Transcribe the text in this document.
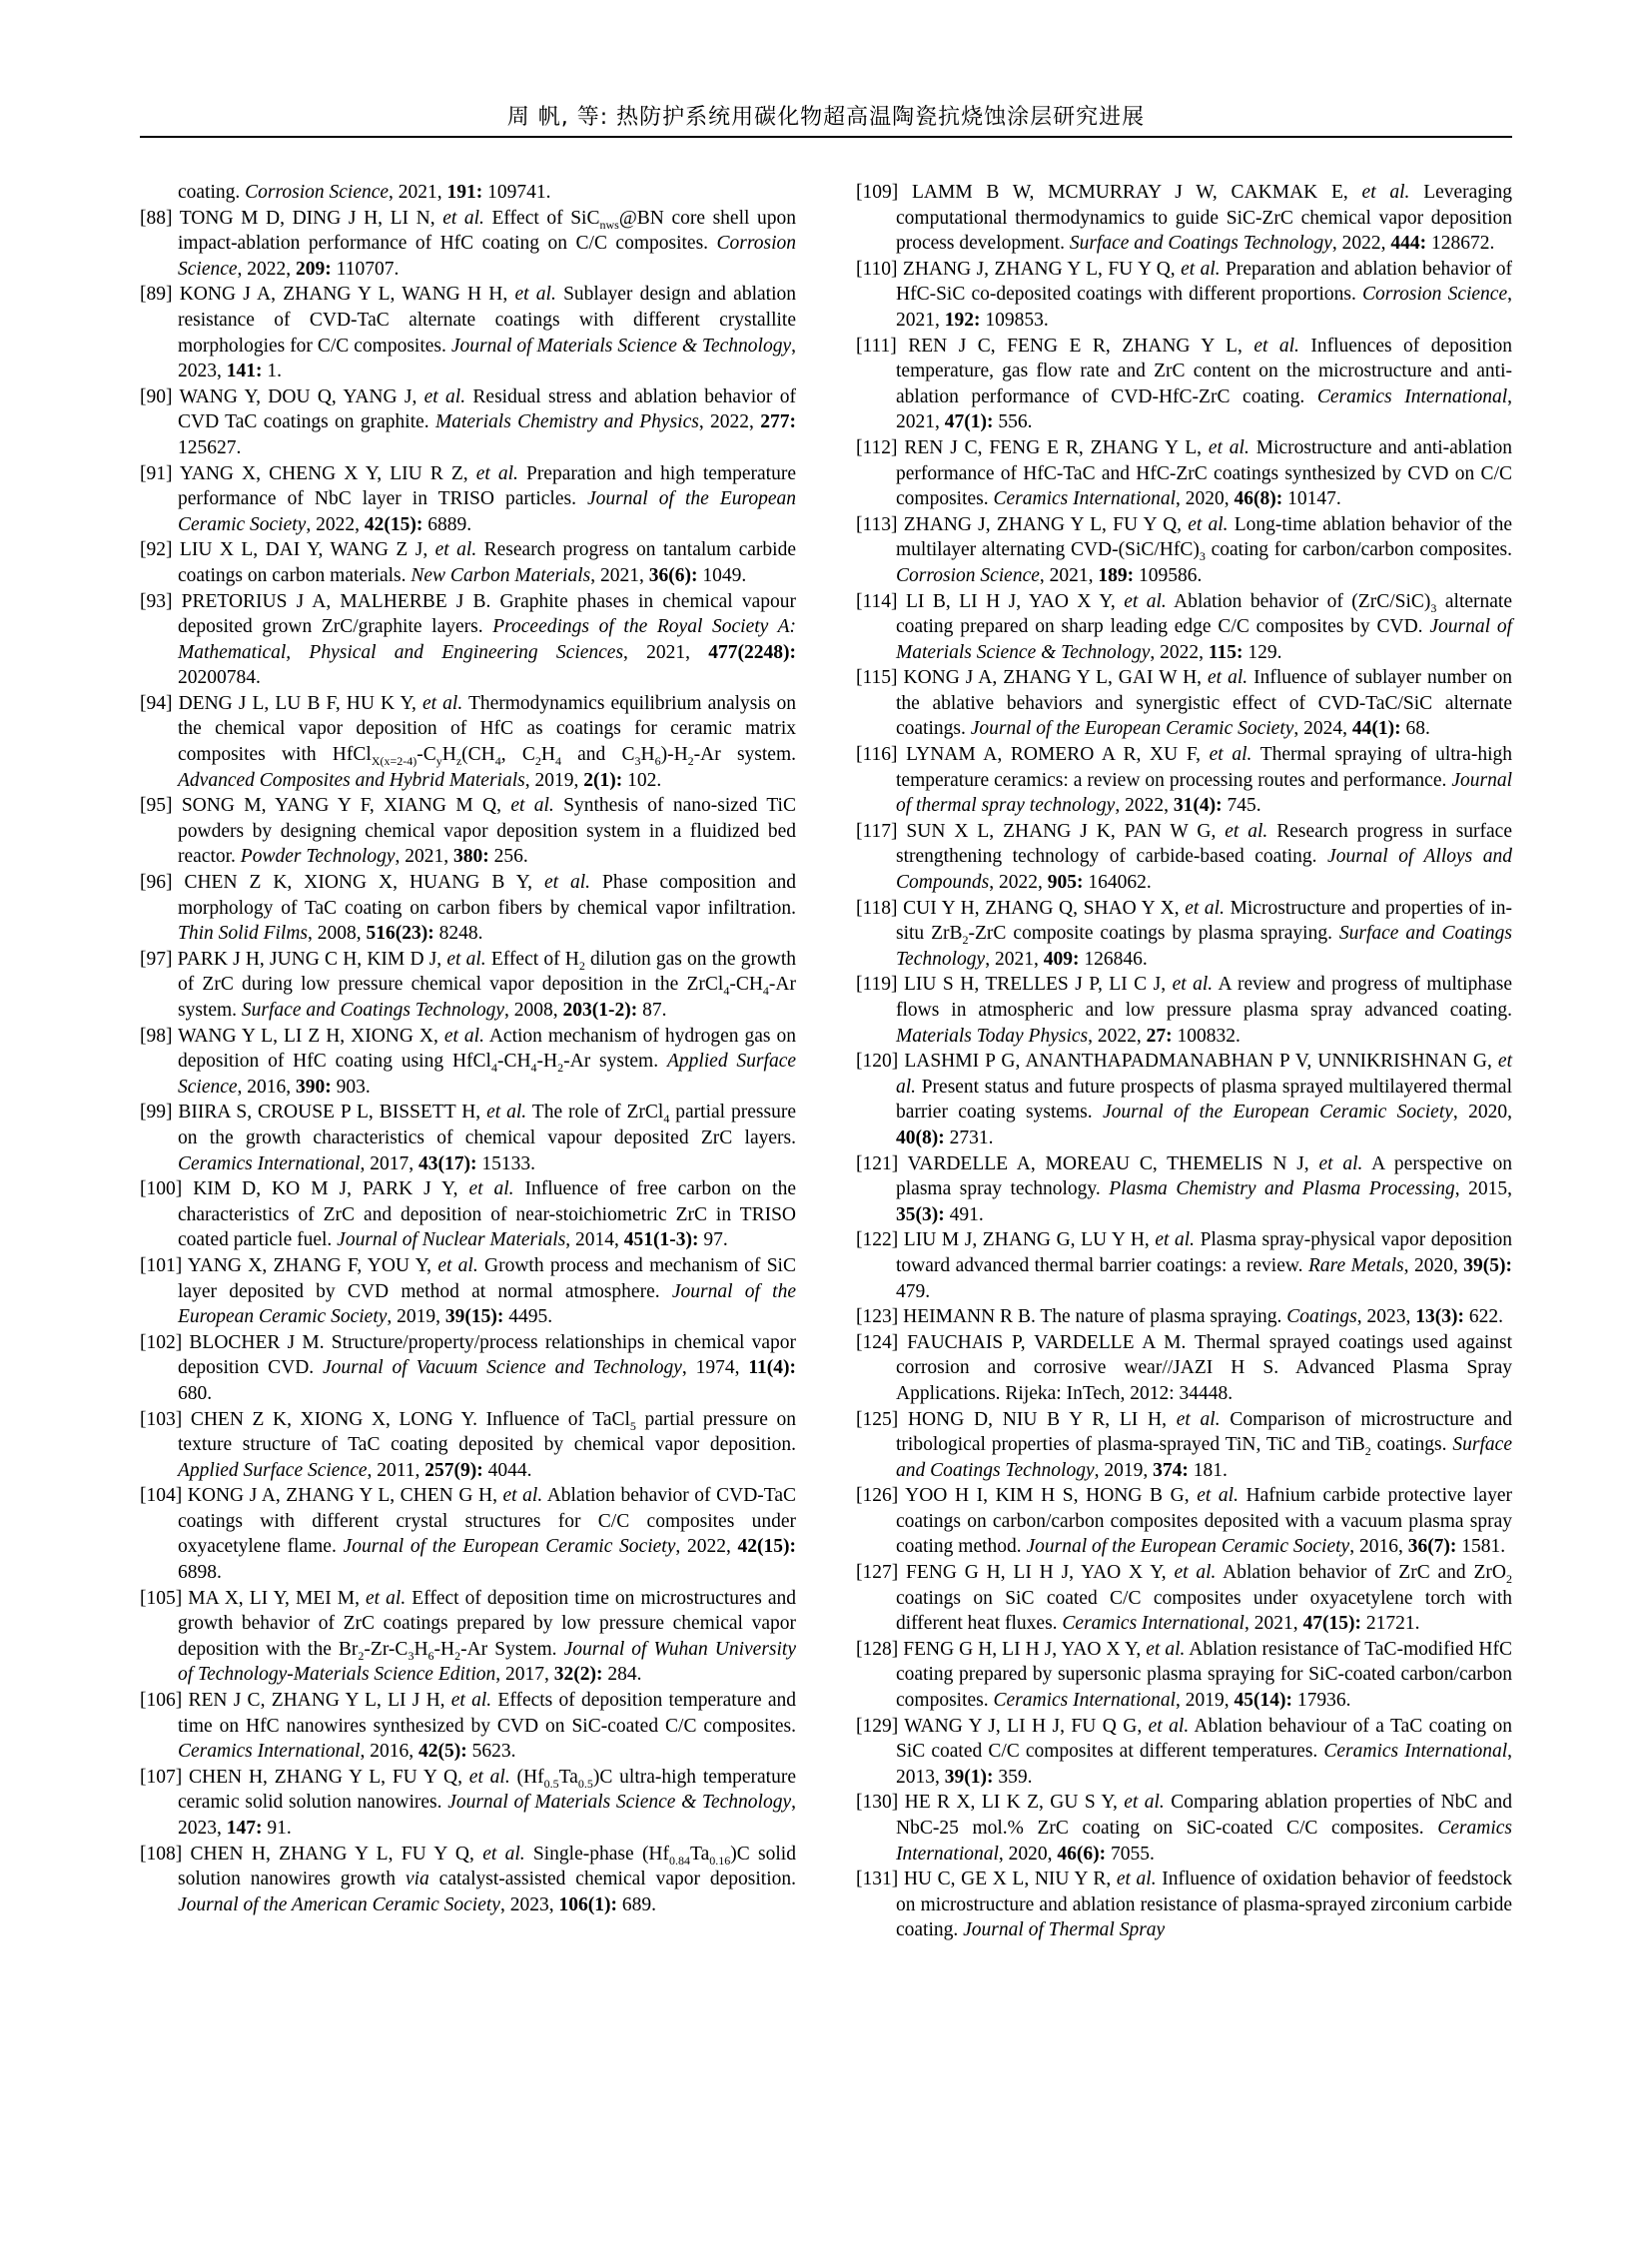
周 帆, 等: 热防护系统用碳化物超高温陶瓷抗烧蚀涂层研究进展

coating. Corrosion Science, 2021, 191: 109741.

[88] TONG M D, DING J H, LI N, et al. Effect of SiC$_{nws}$@BN core shell upon impact-ablation performance of HfC coating on C/C composites. Corrosion Science, 2022, 209: 110707.

[89] KONG J A, ZHANG Y L, WANG H H, et al. Sublayer design and ablation resistance of CVD-TaC alternate coatings with different crystallite morphologies for C/C composites. Journal of Materials Science & Technology, 2023, 141: 1.

[90] WANG Y, DOU Q, YANG J, et al. Residual stress and ablation behavior of CVD TaC coatings on graphite. Materials Chemistry and Physics, 2022, 277: 125627.

[91] YANG X, CHENG X Y, LIU R Z, et al. Preparation and high temperature performance of NbC layer in TRISO particles. Journal of the European Ceramic Society, 2022, 42(15): 6889.

[92] LIU X L, DAI Y, WANG Z J, et al. Research progress on tantalum carbide coatings on carbon materials. New Carbon Materials, 2021, 36(6): 1049.

[93] PRETORIUS J A, MALHERBE J B. Graphite phases in chemical vapour deposited grown ZrC/graphite layers. Proceedings of the Royal Society A: Mathematical, Physical and Engineering Sciences, 2021, 477(2248): 20200784.

[94] DENG J L, LU B F, HU K Y, et al. Thermodynamics equilibrium analysis on the chemical vapor deposition of HfC as coatings for ceramic matrix composites with $HfCl_{X(x=2-4)}-C_yH_z(CH_4$, $C_2H_4$ and $C_3H_6)-H_2-Ar$ system. Advanced Composites and Hybrid Materials, 2019, 2(1): 102.

[95] SONG M, YANG Y F, XIANG M Q, et al. Synthesis of nano-sized TiC powders by designing chemical vapor deposition system in a fluidized bed reactor. Powder Technology, 2021, 380: 256.

[96] CHEN Z K, XIONG X, HUANG B Y, et al. Phase composition and morphology of TaC coating on carbon fibers by chemical vapor infiltration. Thin Solid Films, 2008, 516(23): 8248.

[97] PARK J H, JUNG C H, KIM D J, et al. Effect of $H_2$ dilution gas on the growth of ZrC during low pressure chemical vapor deposition in the $ZrCl_4-CH_4-Ar$ system. Surface and Coatings Technology, 2008, 203(1-2): 87.

[98] WANG Y L, LI Z H, XIONG X, et al. Action mechanism of hydrogen gas on deposition of HfC coating using $HfCl_4-CH_4-H_2-Ar$ system. Applied Surface Science, 2016, 390: 903.

[99] BIIRA S, CROUSE P L, BISSETT H, et al. The role of ZrCl$_4$ partial pressure on the growth characteristics of chemical vapour deposited ZrC layers. Ceramics International, 2017, 43(17): 15133.

[100] KIM D, KO M J, PARK J Y, et al. Influence of free carbon on the characteristics of ZrC and deposition of near-stoichiometric ZrC in TRISO coated particle fuel. Journal of Nuclear Materials, 2014, 451(1-3): 97.

[101] YANG X, ZHANG F, YOU Y, et al. Growth process and mechanism of SiC layer deposited by CVD method at normal atmosphere. Journal of the European Ceramic Society, 2019, 39(15): 4495.

[102] BLOCHER J M. Structure/property/process relationships in chemical vapor deposition CVD. Journal of Vacuum Science and Technology, 1974, 11(4): 680.

[103] CHEN Z K, XIONG X, LONG Y. Influence of TaCl$_5$ partial pressure on texture structure of TaC coating deposited by chemical vapor deposition. Applied Surface Science, 2011, 257(9): 4044.

[104] KONG J A, ZHANG Y L, CHEN G H, et al. Ablation behavior of CVD-TaC coatings with different crystal structures for C/C composites under oxyacetylene flame. Journal of the European Ceramic Society, 2022, 42(15): 6898.

[105] MA X, LI Y, MEI M, et al. Effect of deposition time on microstructures and growth behavior of ZrC coatings prepared by low pressure chemical vapor deposition with the $Br_2-Zr-C_3H_6-H_2-Ar$ System. Journal of Wuhan University of Technology-Materials Science Edition, 2017, 32(2): 284.

[106] REN J C, ZHANG Y L, LI J H, et al. Effects of deposition temperature and time on HfC nanowires synthesized by CVD on SiC-coated C/C composites. Ceramics International, 2016, 42(5): 5623.

[107] CHEN H, ZHANG Y L, FU Y Q, et al. $(Hf_{0.5}Ta_{0.5})C$ ultra-high temperature ceramic solid solution nanowires. Journal of Materials Science & Technology, 2023, 147: 91.

[108] CHEN H, ZHANG Y L, FU Y Q, et al. Single-phase $(Hf_{0.84}Ta_{0.16})C$ solid solution nanowires growth via catalyst-assisted chemical vapor deposition. Journal of the American Ceramic Society, 2023, 106(1): 689.

[109] LAMM B W, MCMURRAY J W, CAKMAK E, et al. Leveraging computational thermodynamics to guide SiC-ZrC chemical vapor deposition process development. Surface and Coatings Technology, 2022, 444: 128672.

[110] ZHANG J, ZHANG Y L, FU Y Q, et al. Preparation and ablation behavior of HfC-SiC co-deposited coatings with different proportions. Corrosion Science, 2021, 192: 109853.

[111] REN J C, FENG E R, ZHANG Y L, et al. Influences of deposition temperature, gas flow rate and ZrC content on the microstructure and anti-ablation performance of CVD-HfC-ZrC coating. Ceramics International, 2021, 47(1): 556.

[112] REN J C, FENG E R, ZHANG Y L, et al. Microstructure and anti-ablation performance of HfC-TaC and HfC-ZrC coatings synthesized by CVD on C/C composites. Ceramics International, 2020, 46(8): 10147.

[113] ZHANG J, ZHANG Y L, FU Y Q, et al. Long-time ablation behavior of the multilayer alternating CVD-$(SiC/HfC)_3$ coating for carbon/carbon composites. Corrosion Science, 2021, 189: 109586.

[114] LI B, LI H J, YAO X Y, et al. Ablation behavior of $(ZrC/SiC)_3$ alternate coating prepared on sharp leading edge C/C composites by CVD. Journal of Materials Science & Technology, 2022, 115: 129.

[115] KONG J A, ZHANG Y L, GAI W H, et al. Influence of sublayer number on the ablative behaviors and synergistic effect of CVD-TaC/SiC alternate coatings. Journal of the European Ceramic Society, 2024, 44(1): 68.

[116] LYNAM A, ROMERO A R, XU F, et al. Thermal spraying of ultra-high temperature ceramics: a review on processing routes and performance. Journal of thermal spray technology, 2022, 31(4): 745.

[117] SUN X L, ZHANG J K, PAN W G, et al. Research progress in surface strengthening technology of carbide-based coating. Journal of Alloys and Compounds, 2022, 905: 164062.

[118] CUI Y H, ZHANG Q, SHAO Y X, et al. Microstructure and properties of in-situ ZrB$_2$-ZrC composite coatings by plasma spraying. Surface and Coatings Technology, 2021, 409: 126846.

[119] LIU S H, TRELLES J P, LI C J, et al. A review and progress of multiphase flows in atmospheric and low pressure plasma spray advanced coating. Materials Today Physics, 2022, 27: 100832.

[120] LASHMI P G, ANANTHAPADMANABHAN P V, UNNIKRISHNAN G, et al. Present status and future prospects of plasma sprayed multilayered thermal barrier coating systems. Journal of the European Ceramic Society, 2020, 40(8): 2731.

[121] VARDELLE A, MOREAU C, THEMELIS N J, et al. A perspective on plasma spray technology. Plasma Chemistry and Plasma Processing, 2015, 35(3): 491.

[122] LIU M J, ZHANG G, LU Y H, et al. Plasma spray-physical vapor deposition toward advanced thermal barrier coatings: a review. Rare Metals, 2020, 39(5): 479.

[123] HEIMANN R B. The nature of plasma spraying. Coatings, 2023, 13(3): 622.

[124] FAUCHAIS P, VARDELLE A M. Thermal sprayed coatings used against corrosion and corrosive wear//JAZI H S. Advanced Plasma Spray Applications. Rijeka: InTech, 2012: 34448.

[125] HONG D, NIU B Y R, LI H, et al. Comparison of microstructure and tribological properties of plasma-sprayed TiN, TiC and TiB$_2$ coatings. Surface and Coatings Technology, 2019, 374: 181.

[126] YOO H I, KIM H S, HONG B G, et al. Hafnium carbide protective layer coatings on carbon/carbon composites deposited with a vacuum plasma spray coating method. Journal of the European Ceramic Society, 2016, 36(7): 1581.

[127] FENG G H, LI H J, YAO X Y, et al. Ablation behavior of ZrC and ZrO$_2$ coatings on SiC coated C/C composites under oxyacetylene torch with different heat fluxes. Ceramics International, 2021, 47(15): 21721.

[128] FENG G H, LI H J, YAO X Y, et al. Ablation resistance of TaC-modified HfC coating prepared by supersonic plasma spraying for SiC-coated carbon/carbon composites. Ceramics International, 2019, 45(14): 17936.

[129] WANG Y J, LI H J, FU Q G, et al. Ablation behaviour of a TaC coating on SiC coated C/C composites at different temperatures. Ceramics International, 2013, 39(1): 359.

[130] HE R X, LI K Z, GU S Y, et al. Comparing ablation properties of NbC and NbC-25 mol.% ZrC coating on SiC-coated C/C composites. Ceramics International, 2020, 46(6): 7055.

[131] HU C, GE X L, NIU Y R, et al. Influence of oxidation behavior of feedstock on microstructure and ablation resistance of plasma-sprayed zirconium carbide coating. Journal of Thermal Spray
